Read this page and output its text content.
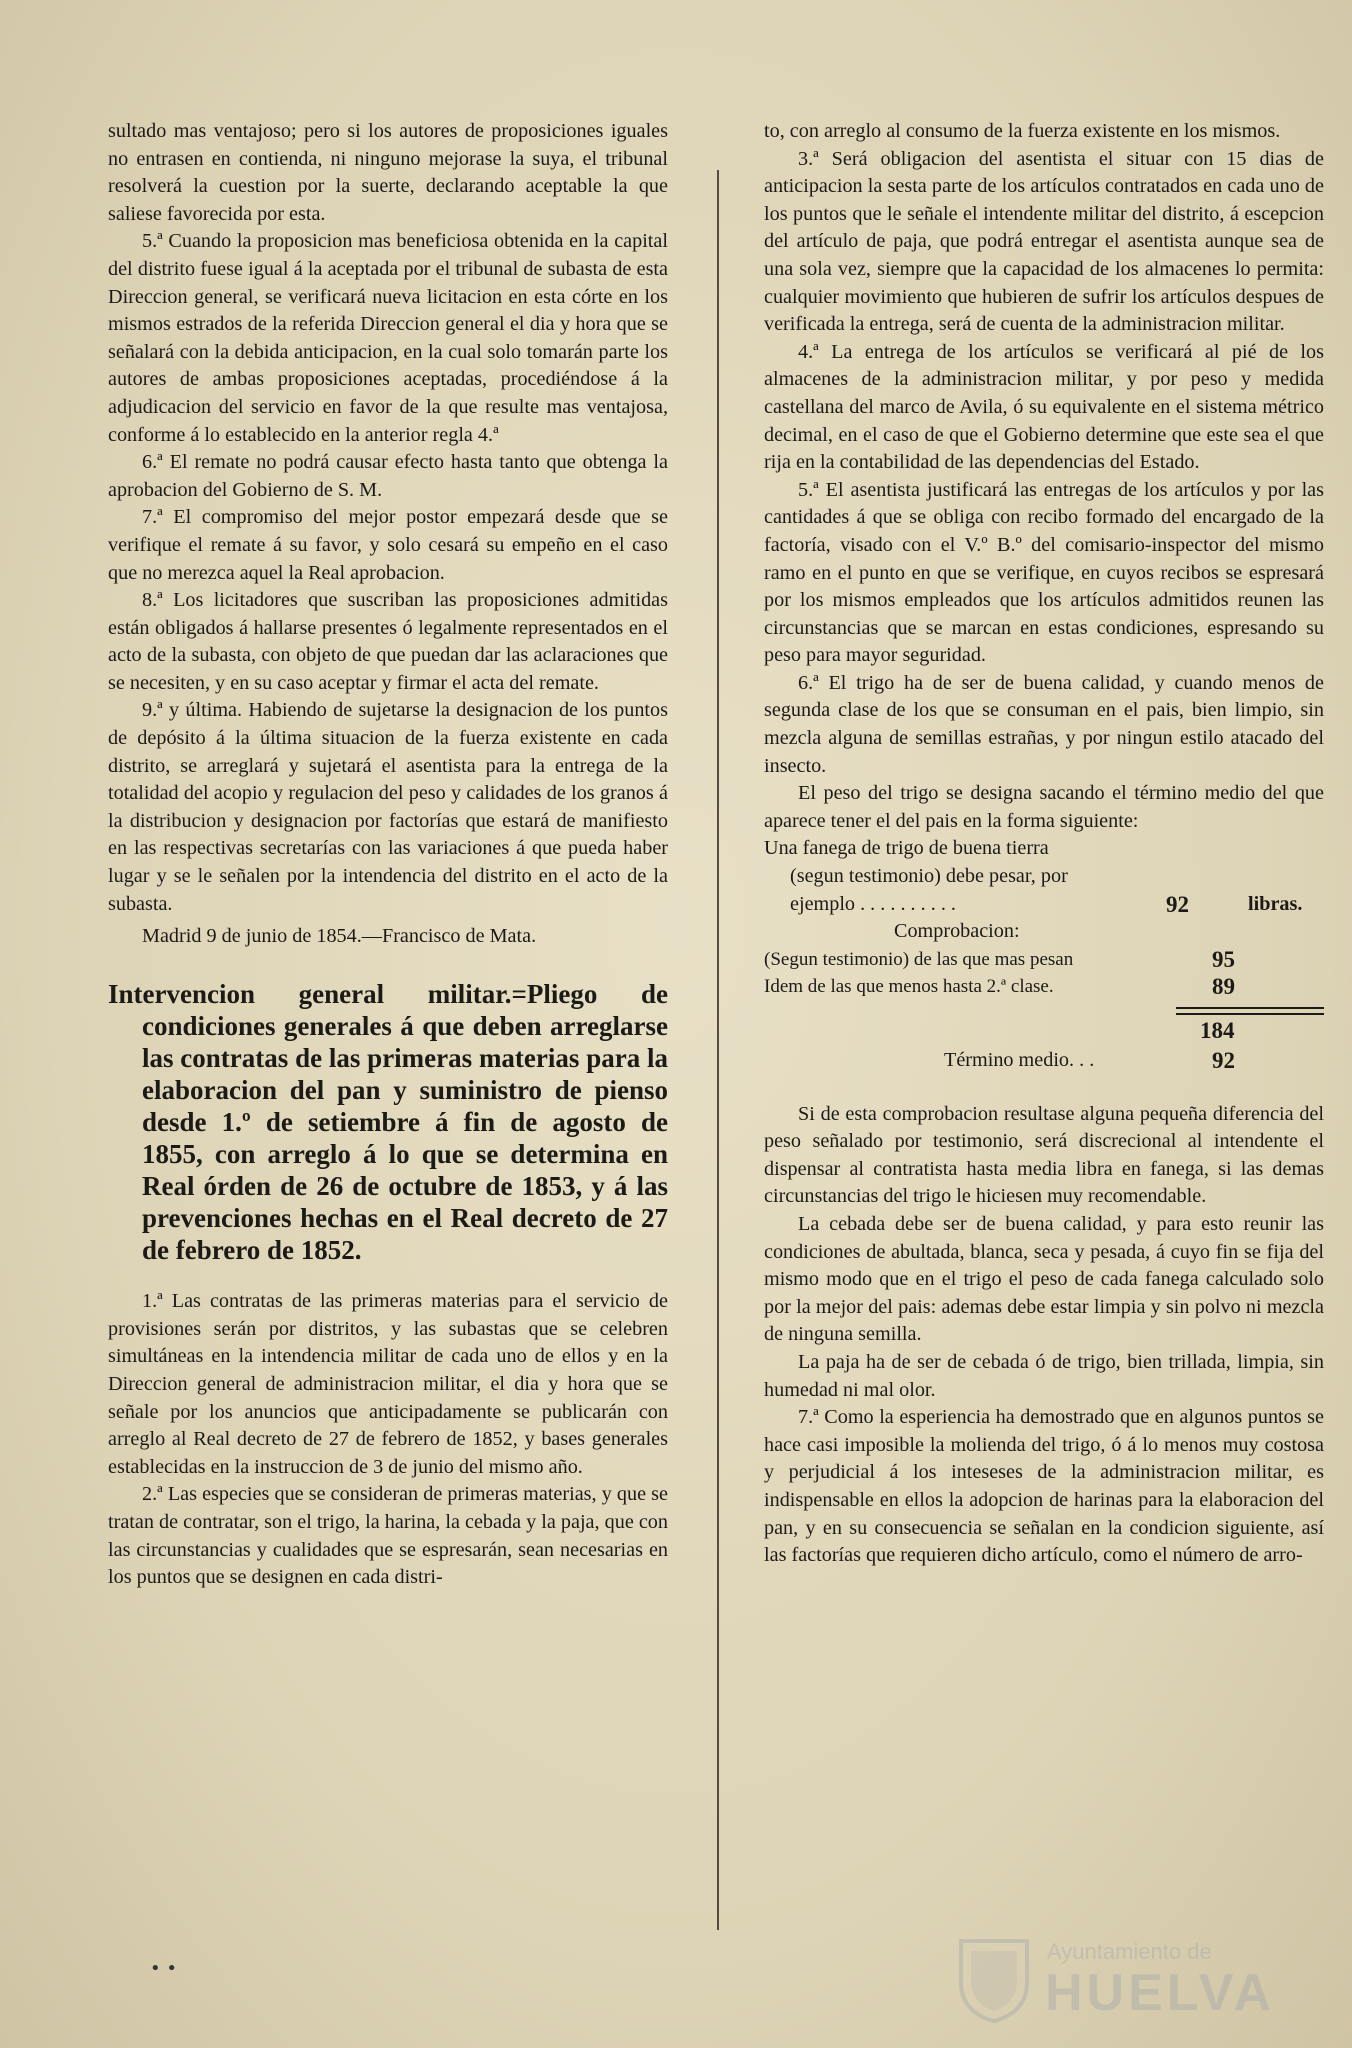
sultado mas ventajoso; pero si los autores de proposiciones iguales no entrasen en contienda, ni ninguno mejorase la suya, el tribunal resolverá la cuestion por la suerte, declarando aceptable la que saliese favorecida por esta.

5.ª Cuando la proposicion mas beneficiosa obtenida en la capital del distrito fuese igual á la aceptada por el tribunal de subasta de esta Direccion general, se verificará nueva licitacion en esta córte en los mismos estrados de la referida Direccion general el dia y hora que se señalará con la debida anticipacion, en la cual solo tomarán parte los autores de ambas proposiciones aceptadas, procediéndose á la adjudicacion del servicio en favor de la que resulte mas ventajosa, conforme á lo establecido en la anterior regla 4.ª

6.ª El remate no podrá causar efecto hasta tanto que obtenga la aprobacion del Gobierno de S. M.

7.ª El compromiso del mejor postor empezará desde que se verifique el remate á su favor, y solo cesará su empeño en el caso que no merezca aquel la Real aprobacion.

8.ª Los licitadores que suscriban las proposiciones admitidas están obligados á hallarse presentes ó legalmente representados en el acto de la subasta, con objeto de que puedan dar las aclaraciones que se necesiten, y en su caso aceptar y firmar el acta del remate.

9.ª y última. Habiendo de sujetarse la designacion de los puntos de depósito á la última situacion de la fuerza existente en cada distrito, se arreglará y sujetará el asentista para la entrega de la totalidad del acopio y regulacion del peso y calidades de los granos á la distribucion y designacion por factorías que estará de manifiesto en las respectivas secretarías con las variaciones á que pueda haber lugar y se le señalen por la intendencia del distrito en el acto de la subasta.

Madrid 9 de junio de 1854.—Francisco de Mata.

Intervencion general militar.=Pliego de condiciones generales á que deben arreglarse las contratas de las primeras materias para la elaboracion del pan y suministro de pienso desde 1.º de setiembre á fin de agosto de 1855, con arreglo á lo que se determina en Real órden de 26 de octubre de 1853, y á las prevenciones hechas en el Real decreto de 27 de febrero de 1852.

1.ª Las contratas de las primeras materias para el servicio de provisiones serán por distritos, y las subastas que se celebren simultáneas en la intendencia militar de cada uno de ellos y en la Direccion general de administracion militar, el dia y hora que se señale por los anuncios que anticipadamente se publicarán con arreglo al Real decreto de 27 de febrero de 1852, y bases generales establecidas en la instruccion de 3 de junio del mismo año.

2.ª Las especies que se consideran de primeras materias, y que se tratan de contratar, son el trigo, la harina, la cebada y la paja, que con las circunstancias y cualidades que se espresarán, sean necesarias en los puntos que se designen en cada distri-

to, con arreglo al consumo de la fuerza existente en los mismos.

3.ª Será obligacion del asentista el situar con 15 dias de anticipacion la sesta parte de los artículos contratados en cada uno de los puntos que le señale el intendente militar del distrito, á escepcion del artículo de paja, que podrá entregar el asentista aunque sea de una sola vez, siempre que la capacidad de los almacenes lo permita: cualquier movimiento que hubieren de sufrir los artículos despues de verificada la entrega, será de cuenta de la administracion militar.

4.ª La entrega de los artículos se verificará al pié de los almacenes de la administracion militar, y por peso y medida castellana del marco de Avila, ó su equivalente en el sistema métrico decimal, en el caso de que el Gobierno determine que este sea el que rija en la contabilidad de las dependencias del Estado.

5.ª El asentista justificará las entregas de los artículos y por las cantidades á que se obliga con recibo formado del encargado de la factoría, visado con el V.º B.º del comisario-inspector del mismo ramo en el punto en que se verifique, en cuyos recibos se espresará por los mismos empleados que los artículos admitidos reunen las circunstancias que se marcan en estas condiciones, espresando su peso para mayor seguridad.

6.ª El trigo ha de ser de buena calidad, y cuando menos de segunda clase de los que se consuman en el pais, bien limpio, sin mezcla alguna de semillas estrañas, y por ningun estilo atacado del insecto.

El peso del trigo se designa sacando el término medio del que aparece tener el del pais en la forma siguiente:

Una fanega de trigo de buena tierra
(segun testimonio) debe pesar, por
ejemplo . . . . . . . . . .	92	libras.
Comprobacion:
(Segun testimonio) de las que mas pesan	95
Idem de las que menos hasta 2.ª clase.	89
184
Término medio. . .	92

Si de esta comprobacion resultase alguna pequeña diferencia del peso señalado por testimonio, será discrecional al intendente el dispensar al contratista hasta media libra en fanega, si las demas circunstancias del trigo le hiciesen muy recomendable.

La cebada debe ser de buena calidad, y para esto reunir las condiciones de abultada, blanca, seca y pesada, á cuyo fin se fija del mismo modo que en el trigo el peso de cada fanega calculado solo por la mejor del pais: ademas debe estar limpia y sin polvo ni mezcla de ninguna semilla.

La paja ha de ser de cebada ó de trigo, bien trillada, limpia, sin humedad ni mal olor.

7.ª Como la esperiencia ha demostrado que en algunos puntos se hace casi imposible la molienda del trigo, ó á lo menos muy costosa y perjudicial á los inteseses de la administracion militar, es indispensable en ellos la adopcion de harinas para la elaboracion del pan, y en su consecuencia se señalan en la condicion siguiente, así las factorías que requieren dicho artículo, como el número de arro-

• •
Ayuntamiento de
HUELVA
